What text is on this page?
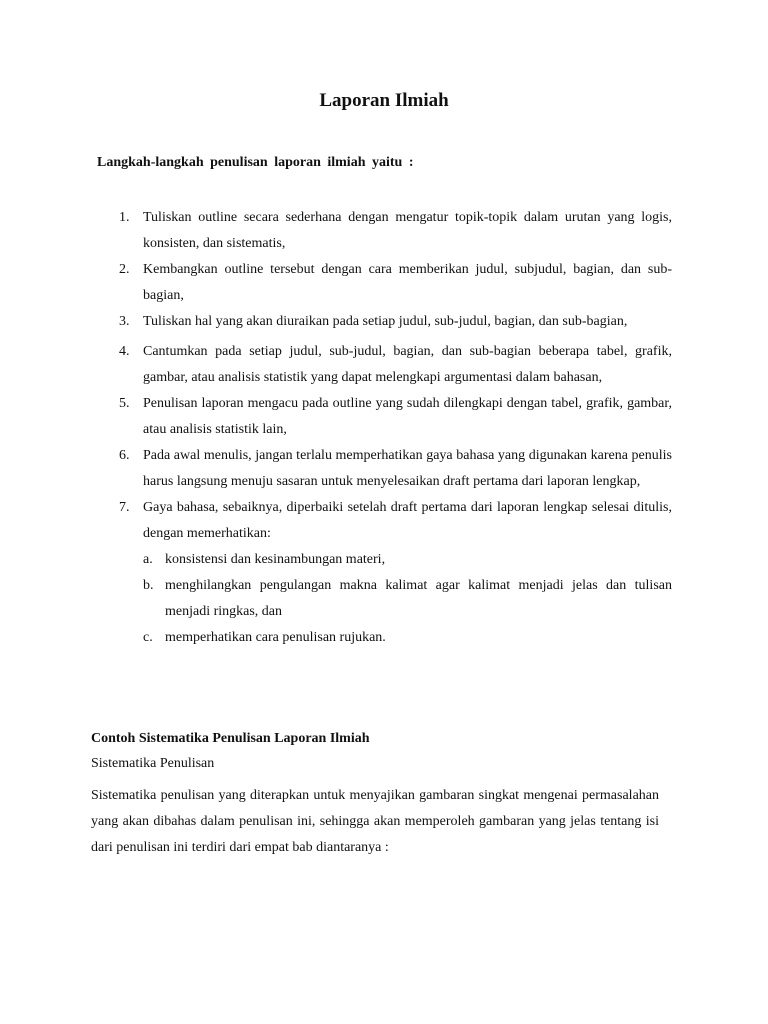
Laporan Ilmiah
Langkah-langkah penulisan laporan ilmiah yaitu :
1. Tuliskan outline secara sederhana dengan mengatur topik-topik dalam urutan yang logis, konsisten, dan sistematis,
2. Kembangkan outline tersebut dengan cara memberikan judul, subjudul, bagian, dan sub-bagian,
3. Tuliskan hal yang akan diuraikan pada setiap judul, sub-judul, bagian, dan sub-bagian,
4. Cantumkan pada setiap judul, sub-judul, bagian, dan sub-bagian beberapa tabel, grafik, gambar, atau analisis statistik yang dapat melengkapi argumentasi dalam bahasan,
5. Penulisan laporan mengacu pada outline yang sudah dilengkapi dengan tabel, grafik, gambar, atau analisis statistik lain,
6. Pada awal menulis, jangan terlalu memperhatikan gaya bahasa yang digunakan karena penulis harus langsung menuju sasaran untuk menyelesaikan draft pertama dari laporan lengkap,
7. Gaya bahasa, sebaiknya, diperbaiki setelah draft pertama dari laporan lengkap selesai ditulis, dengan memerhatikan:
a. konsistensi dan kesinambungan materi,
b. menghilangkan pengulangan makna kalimat agar kalimat menjadi jelas dan tulisan menjadi ringkas, dan
c. memperhatikan cara penulisan rujukan.
Contoh Sistematika Penulisan Laporan Ilmiah
Sistematika Penulisan
Sistematika penulisan yang diterapkan untuk menyajikan gambaran singkat mengenai permasalahan yang akan dibahas dalam penulisan ini, sehingga akan memperoleh gambaran yang jelas tentang isi dari penulisan ini terdiri dari empat bab diantaranya :
